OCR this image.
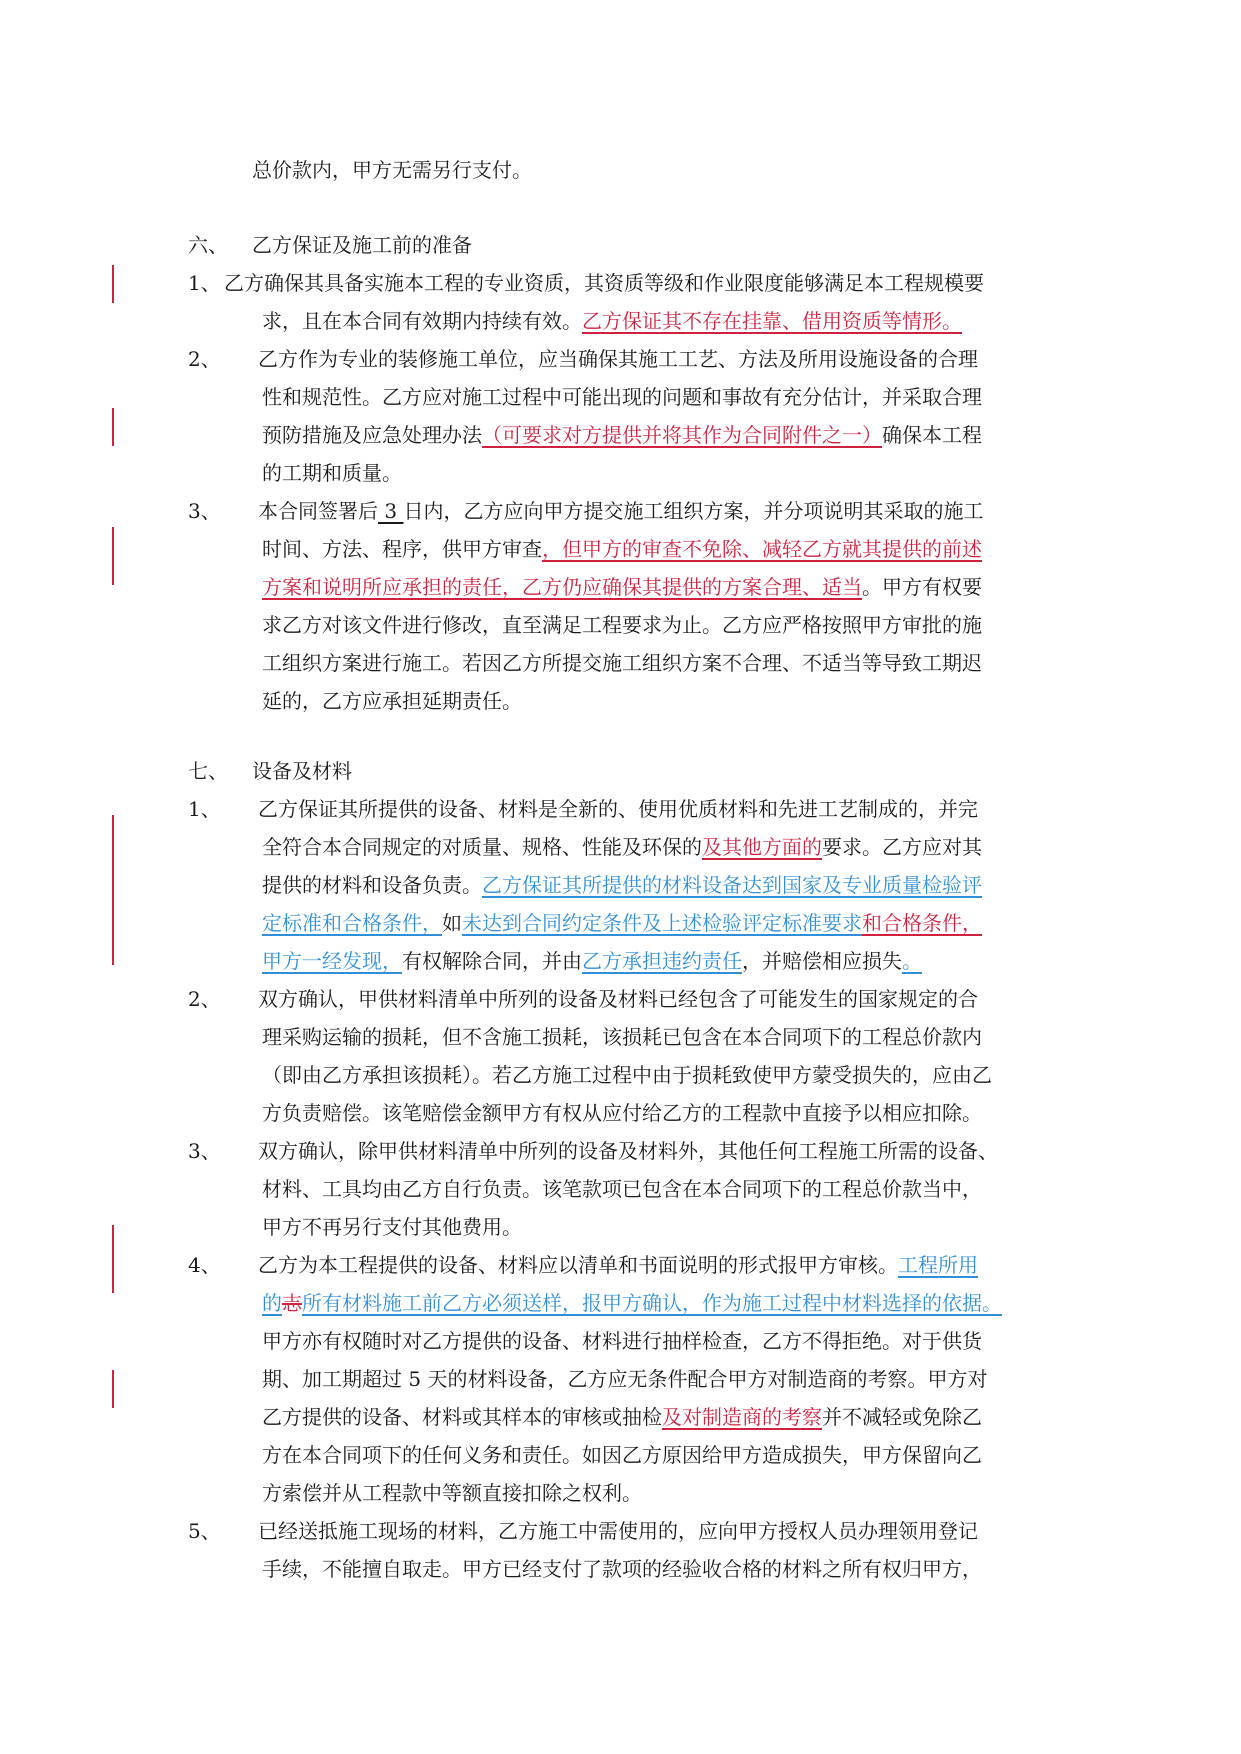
总价款内，甲方无需另行支付。
六、 乙方保证及施工前的准备
1、 乙方确保其具备实施本工程的专业资质，其资质等级和作业限度能够满足本工程规模要
求，且在本合同有效期内持续有效。乙方保证其不存在挂靠、借用资质等情形。
2、 乙方作为专业的装修施工单位，应当确保其施工工艺、方法及所用设施设备的合理
性和规范性。乙方应对施工过程中可能出现的问题和事故有充分估计，并采取合理
预防措施及应急处理办法（可要求对方提供并将其作为合同附件之一）确保本工程
的工期和质量。
3、 本合同签署后 3 日内，乙方应向甲方提交施工组织方案，并分项说明其采取的施工
时间、方法、程序，供甲方审查，但甲方的审查不免除、减轻乙方就其提供的前述
方案和说明所应承担的责任，乙方仍应确保其提供的方案合理、适当。甲方有权要
求乙方对该文件进行修改，直至满足工程要求为止。乙方应严格按照甲方审批的施
工组织方案进行施工。若因乙方所提交施工组织方案不合理、不适当等导致工期迟
延的，乙方应承担延期责任。
七、 设备及材料
1、 乙方保证其所提供的设备、材料是全新的、使用优质材料和先进工艺制成的，并完
全符合本合同规定的对质量、规格、性能及环保的及其他方面的要求。乙方应对其
提供的材料和设备负责。乙方保证其所提供的材料设备达到国家及专业质量检验评
定标准和合格条件，如未达到合同约定条件及上述检验评定标准要求和合格条件，
甲方一经发现，有权解除合同，并由乙方承担违约责任，并赔偿相应损失。
2、 双方确认，甲供材料清单中所列的设备及材料已经包含了可能发生的国家规定的合
理采购运输的损耗，但不含施工损耗，该损耗已包含在本合同项下的工程总价款内
（即由乙方承担该损耗）。若乙方施工过程中由于损耗致使甲方蒙受损失的，应由乙
方负责赔偿。该笔赔偿金额甲方有权从应付给乙方的工程款中直接予以相应扣除。
3、 双方确认，除甲供材料清单中所列的设备及材料外，其他任何工程施工所需的设备、
材料、工具均由乙方自行负责。该笔款项已包含在本合同项下的工程总价款当中，
甲方不再另行支付其他费用。
4、 乙方为本工程提供的设备、材料应以清单和书面说明的形式报甲方审核。工程所用
的志所有材料施工前乙方必须送样，报甲方确认，作为施工过程中材料选择的依据。
甲方亦有权随时对乙方提供的设备、材料进行抽样检查，乙方不得拒绝。对于供货
期、加工期超过 5 天的材料设备，乙方应无条件配合甲方对制造商的考察。甲方对
乙方提供的设备、材料或其样本的审核或抽检及对制造商的考察并不减轻或免除乙
方在本合同项下的任何义务和责任。如因乙方原因给甲方造成损失，甲方保留向乙
方索偿并从工程款中等额直接扣除之权利。
5、 已经送抵施工现场的材料，乙方施工中需使用的，应向甲方授权人员办理领用登记
手续，不能擅自取走。甲方已经支付了款项的经验收合格的材料之所有权归甲方，
